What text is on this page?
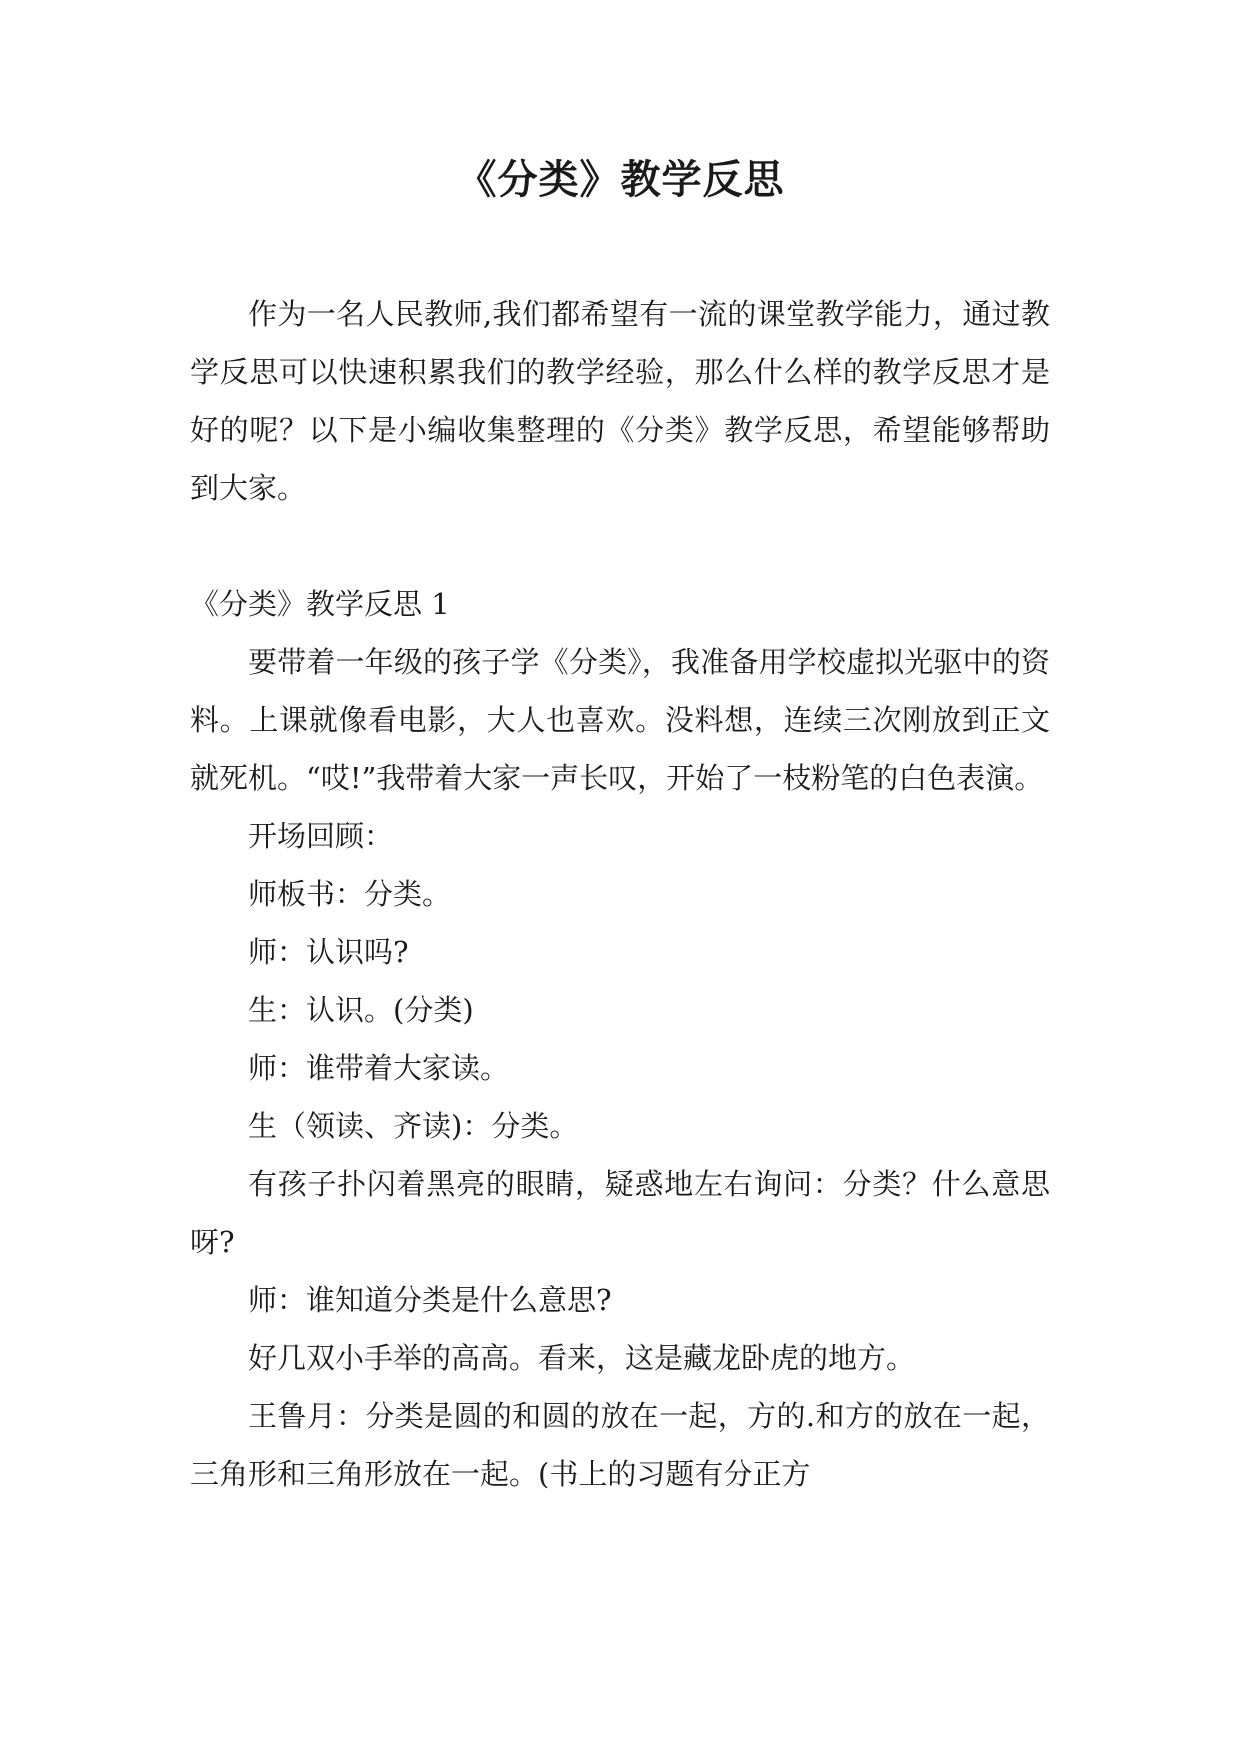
《分类》教学反思

作为一名人民教师,我们都希望有一流的课堂教学能力，通过教学反思可以快速积累我们的教学经验，那么什么样的教学反思才是好的呢？以下是小编收集整理的《分类》教学反思，希望能够帮助到大家。

《分类》教学反思 1

要带着一年级的孩子学《分类》，我准备用学校虚拟光驱中的资料。上课就像看电影，大人也喜欢。没料想，连续三次刚放到正文就死机。“哎!”我带着大家一声长叹，开始了一枝粉笔的白色表演。

开场回顾：

师板书：分类。

师：认识吗?

生：认识。(分类)

师：谁带着大家读。

生（领读、齐读)：分类。

有孩子扑闪着黑亮的眼睛，疑惑地左右询问：分类？什么意思呀?

师：谁知道分类是什么意思?

好几双小手举的高高。看来，这是藏龙卧虎的地方。

王鲁月：分类是圆的和圆的放在一起，方的.和方的放在一起，三角形和三角形放在一起。(书上的习题有分正方
